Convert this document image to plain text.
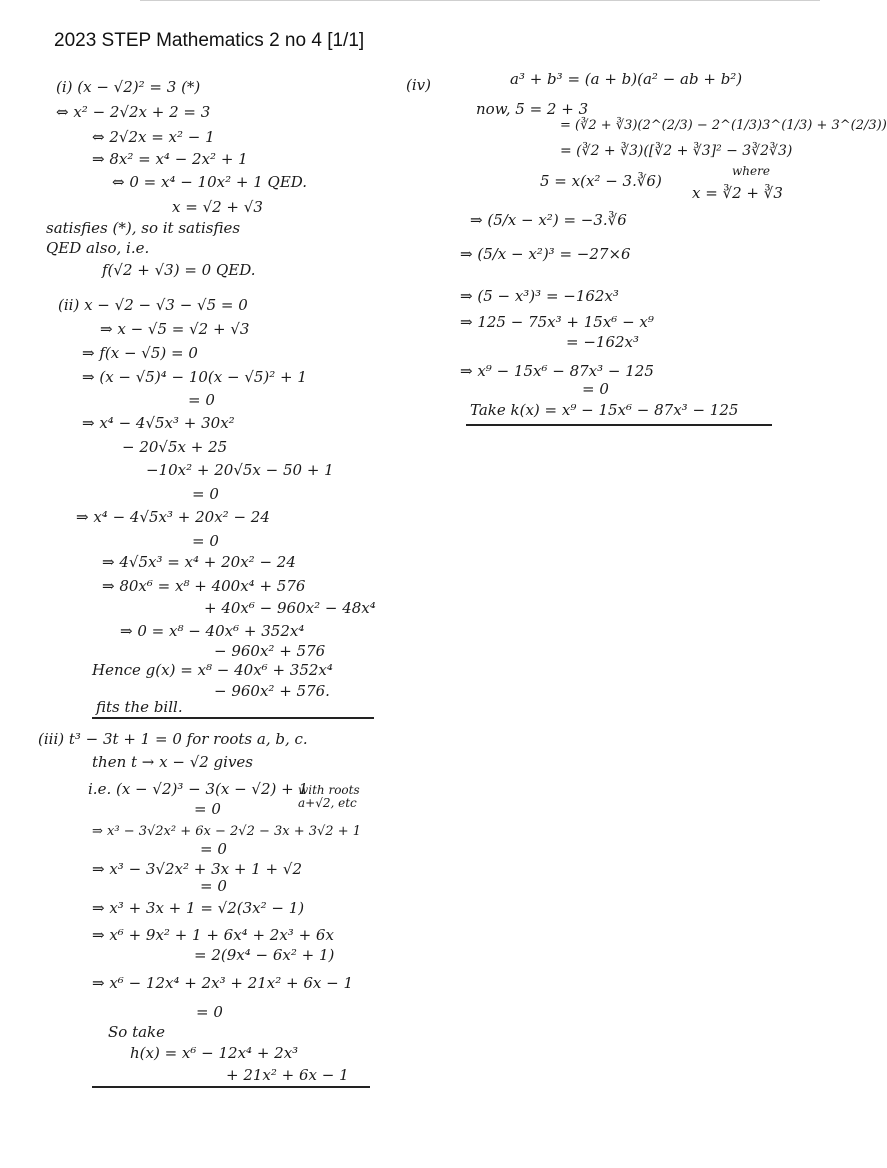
2023 STEP Mathematics 2 no 4 [1/1]
(i) (x − √2)² = 3 (*)
⇔ x² − 2√2x + 2 = 3
⇔ 2√2x = x² − 1
⇒ 8x² = x⁴ − 2x² + 1
⇔ 0 = x⁴ − 10x² + 1 QED.
x = √2 + √3
satisfies (*), so it satisfies
QED also, i.e.
f(√2 + √3) = 0 QED.
(ii) x − √2 − √3 − √5 = 0
⇒ x − √5 = √2 + √3
⇒ f(x − √5) = 0
⇒ (x − √5)⁴ − 10(x − √5)² + 1
= 0
⇒ x⁴ − 4√5x³ + 30x²
− 20√5x + 25
−10x² + 20√5x − 50 + 1
= 0
⇒ x⁴ − 4√5x³ + 20x² − 24
= 0
⇒ 4√5x³ = x⁴ + 20x² − 24
⇒ 80x⁶ = x⁸ + 400x⁴ + 576
+ 40x⁶ − 960x² − 48x⁴
⇒ 0 = x⁸ − 40x⁶ + 352x⁴
− 960x² + 576
Hence g(x) = x⁸ − 40x⁶ + 352x⁴
− 960x² + 576.
fits the bill.
(iii) t³ − 3t + 1 = 0 for roots a, b, c.
then t → x − √2 gives
i.e. (x − √2)³ − 3(x − √2) + 1
with roots
a+√2, etc
= 0
⇒ x³ − 3√2x² + 6x − 2√2 − 3x + 3√2 + 1
= 0
⇒ x³ − 3√2x² + 3x + 1 + √2
= 0
⇒ x³ + 3x + 1 = √2(3x² − 1)
⇒ x⁶ + 9x² + 1 + 6x⁴ + 2x³ + 6x
= 2(9x⁴ − 6x² + 1)
⇒ x⁶ − 12x⁴ + 2x³ + 21x² + 6x − 1
= 0
So take
h(x) = x⁶ − 12x⁴ + 2x³
+ 21x² + 6x − 1
(iv)	a³ + b³ = (a + b)(a² − ab + b²)
now, 5 = 2 + 3
= (∛2 + ∛3)(2^(2/3) − 2^(1/3)3^(1/3) + 3^(2/3))
= (∛2 + ∛3)([∛2 + ∛3]² − 3∛2∛3)
5 = x(x² − 3.∛6)
where
x = ∛2 + ∛3
⇒ (5/x − x²) = −3.∛6
⇒ (5/x − x²)³ = −27×6
⇒ (5 − x³)³ = −162x³
⇒ 125 − 75x³ + 15x⁶ − x⁹
= −162x³
⇒ x⁹ − 15x⁶ − 87x³ − 125
= 0
Take k(x) = x⁹ − 15x⁶ − 87x³ − 125
